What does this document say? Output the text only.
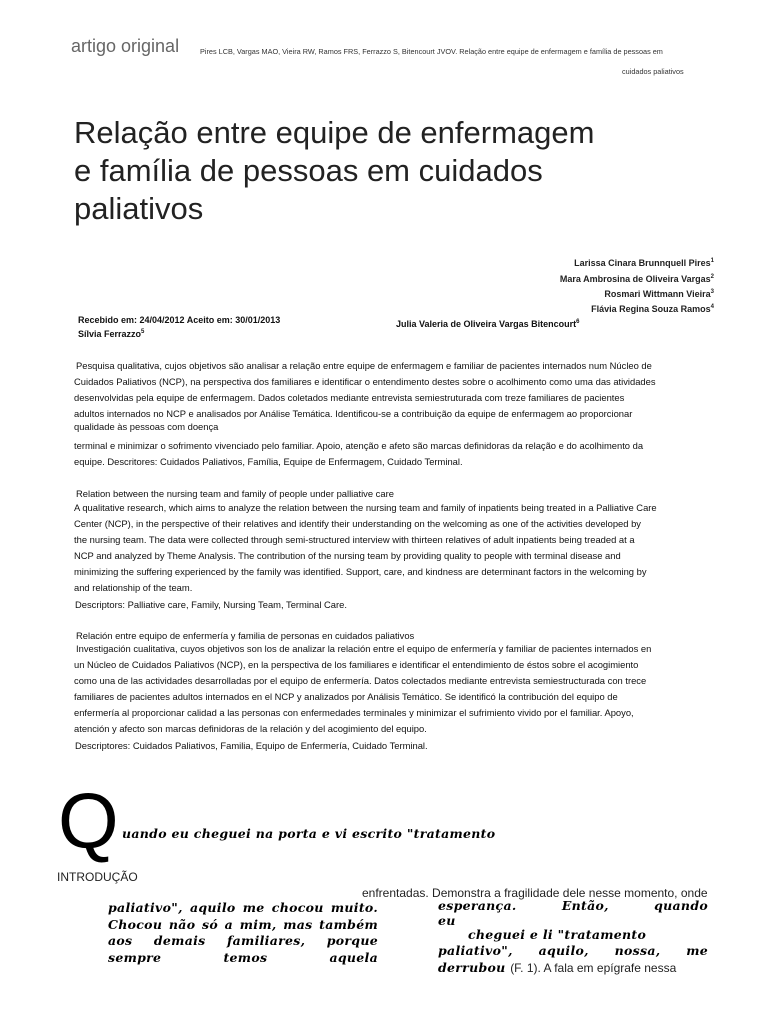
artigo original	Pires LCB, Vargas MAO, Vieira RW, Ramos FRS, Ferrazzo S, Bitencourt JVOV. Relação entre equipe de enfermagem e família de pessoas em
cuidados paliativos
Relação entre equipe de enfermagem
e família de pessoas em cuidados
paliativos
Larissa Cinara Brunnquell Pires$^1$
Mara Ambrosina de Oliveira Vargas$^2$
Rosmari Wittmann Vieira$^3$
Flávia Regina Souza Ramos$^4$
Recebido em: 24/04/2012 Aceito em: 30/01/2013
Sílvia Ferrazzo$^5$
Julia Valeria de Oliveira Vargas Bitencourt$^6$
Pesquisa qualitativa, cujos objetivos são analisar a relação entre equipe de enfermagem e familiar de pacientes internados num Núcleo de
Cuidados Paliativos (NCP), na perspectiva dos familiares e identificar o entendimento destes sobre o acolhimento como uma das atividades
desenvolvidas pela equipe de enfermagem. Dados coletados mediante entrevista semiestruturada com treze familiares de pacientes
adultos internados no NCP e analisados por Análise Temática. Identificou-se a contribuição da equipe de enfermagem ao proporcionar
qualidade às pessoas com doença
terminal e minimizar o sofrimento vivenciado pelo familiar. Apoio, atenção e afeto são marcas definidoras da relação e do acolhimento da
equipe. Descritores: Cuidados Paliativos, Família, Equipe de Enfermagem, Cuidado Terminal.
Relation between the nursing team and family of people under palliative care
A qualitative research, which aims to analyze the relation between the nursing team and family of inpatients being treated in a Palliative Care
Center (NCP), in the perspective of their relatives and identify their understanding on the welcoming as one of the activities developed by
the nursing team. The data were collected through semi-structured interview with thirteen relatives of adult inpatients being treaded at a
NCP and analyzed by Theme Analysis. The contribution of the nursing team by providing quality to people with terminal disease and
minimizing the suffering experienced by the family was identified. Support, care, and kindness are determinant factors in the welcoming by
and relationship of the team.
Descriptors: Palliative care, Family, Nursing Team, Terminal Care.
Relación entre equipo de enfermería y familia de personas en cuidados paliativos
Investigación cualitativa, cuyos objetivos son los de analizar la relación entre el equipo de enfermería y familiar de pacientes internados en
un Núcleo de Cuidados Paliativos (NCP), en la perspectiva de los familiares e identificar el entendimiento de éstos sobre el acogimiento
como una de las actividades desarrolladas por el equipo de enfermería. Datos colectados mediante entrevista semiestructurada con trece
familiares de pacientes adultos internados en el NCP y analizados por Análisis Temático. Se identificó la contribución del equipo de
enfermería al proporcionar calidad a las personas con enfermedades terminales y minimizar el sufrimiento vivido por el familiar. Apoyo,
atención y afecto son marcas definidoras de la relación y del acogimiento del equipo.
Descriptores: Cuidados Paliativos, Familia, Equipo de Enfermería, Cuidado Terminal.
Q uando eu cheguei na porta e vi escrito "tratamento
INTRODUÇÃO
enfrentadas. Demonstra a fragilidade dele nesse momento, onde

paliativo", aquilo me chocou muito. Chocou não só a mim, mas também aos demais familiares, porque sempre temos aquela

esperança. Então, quando
eu
cheguei e li "tratamento
paliativo", aquilo, nossa, me
derrubou (F. 1). A fala em epígrafe nessa
